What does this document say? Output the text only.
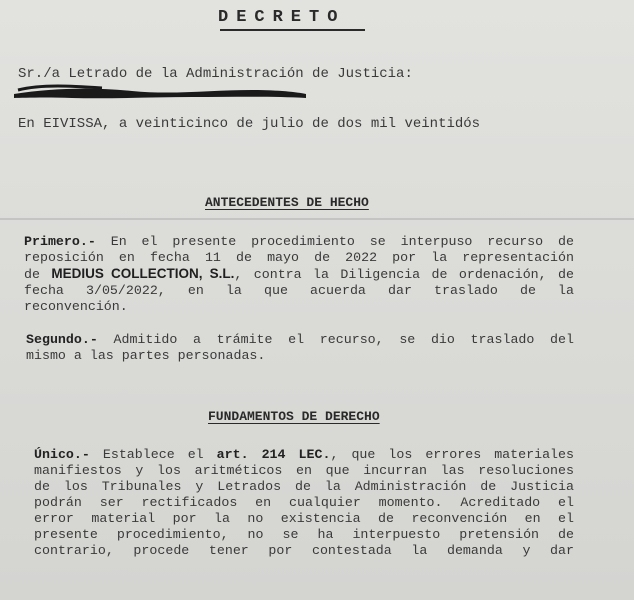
DECRETO
Sr./a Letrado de la Administración de Justicia:
En EIVISSA, a veinticinco de julio de dos mil veintidós
ANTECEDENTES DE HECHO
Primero.- En el presente procedimiento se interpuso recurso de
reposición en fecha 11 de mayo de 2022 por la representación
de MEDIUS COLLECTION, S.L., contra la Diligencia de ordenación, de
fecha 3/05/2022, en la que acuerda dar traslado de la
reconvención.
Segundo.- Admitido a trámite el recurso, se dio traslado del
mismo a las partes personadas.
FUNDAMENTOS DE DERECHO
Único.- Establece el art. 214 LEC., que los errores materiales
manifiestos y los aritméticos en que incurran las resoluciones
de los Tribunales y Letrados de la Administración de Justicia
podrán ser rectificados en cualquier momento. Acreditado el
error material por la no existencia de reconvención en el
presente procedimiento, no se ha interpuesto pretensión de
contrario, procede tener por contestada la demanda y dar
